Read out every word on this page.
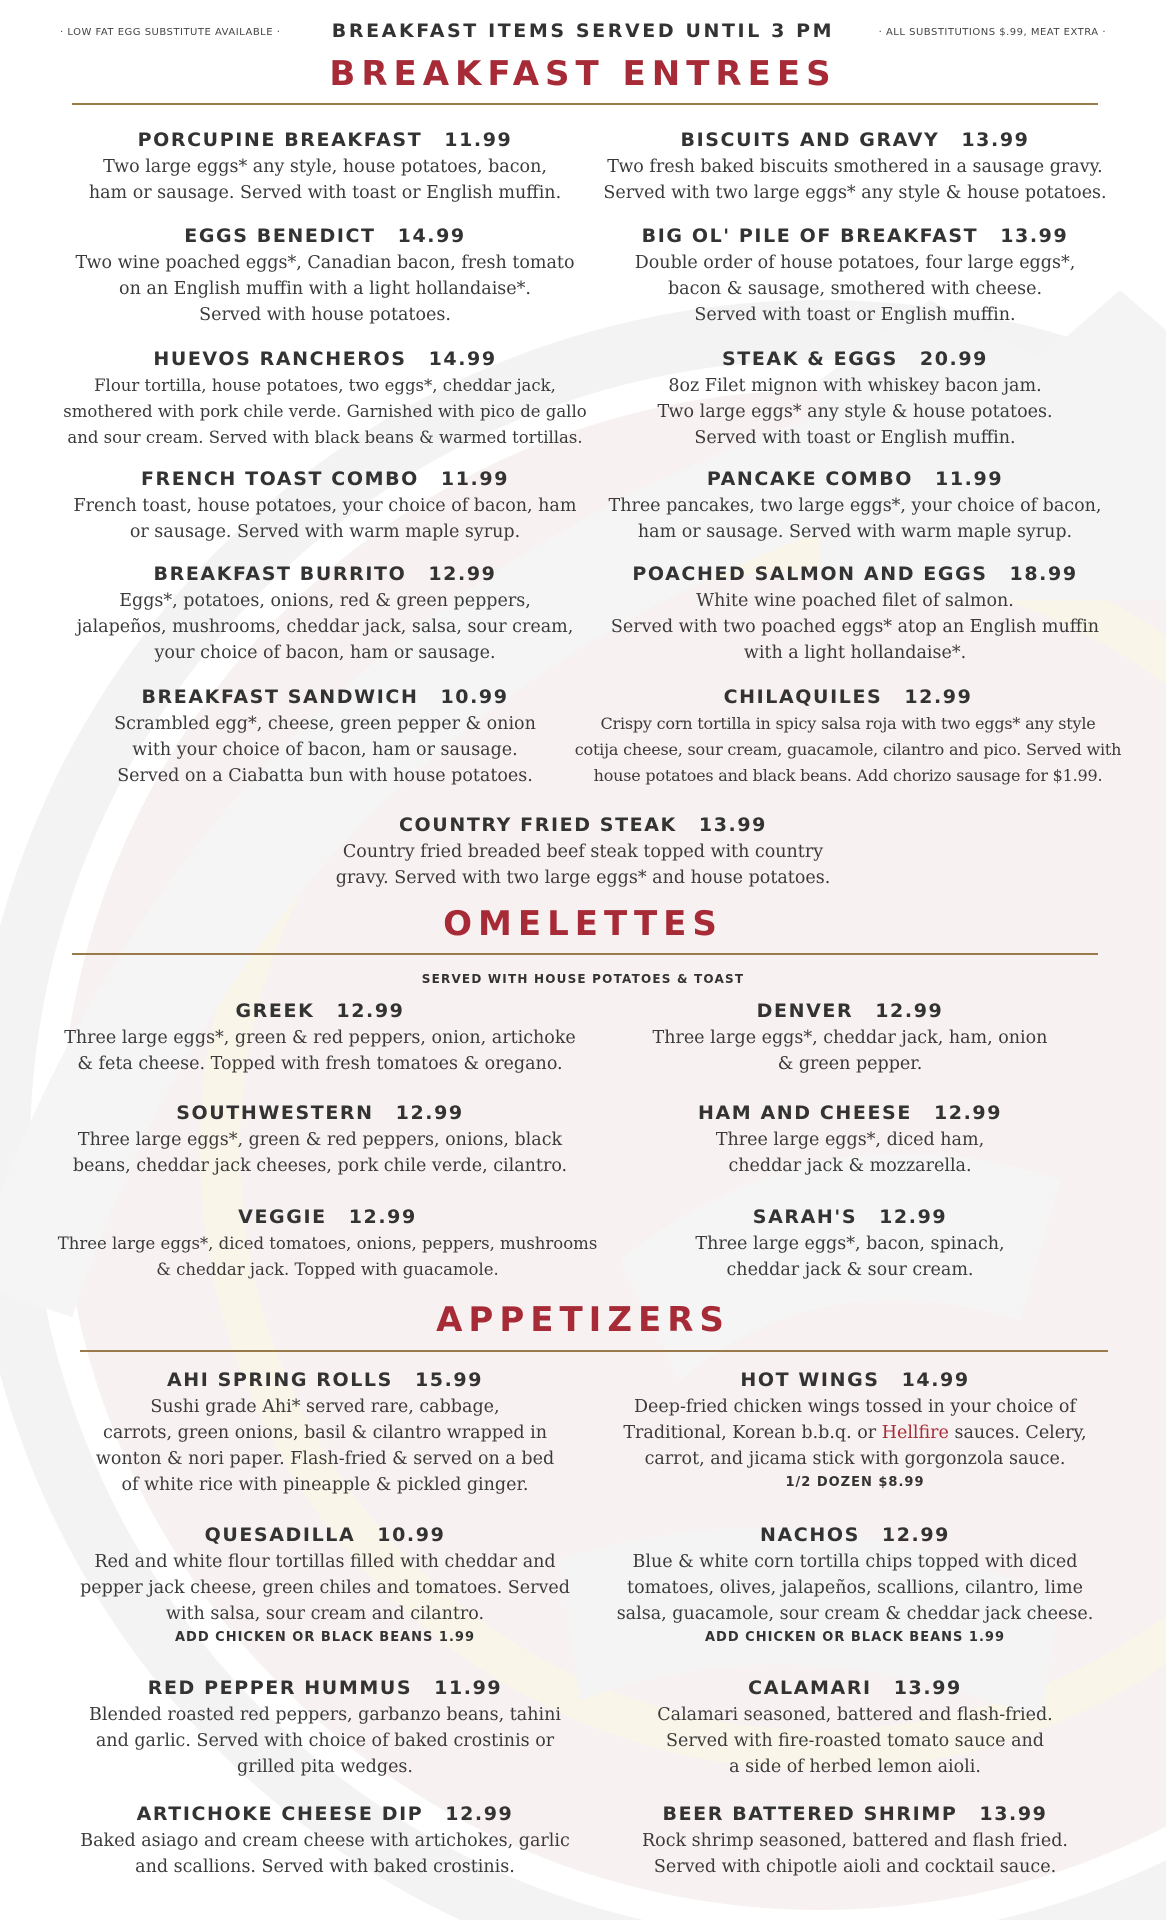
· LOW FAT EGG SUBSTITUTE AVAILABLE ·	BREAKFAST ITEMS SERVED UNTIL 3 PM	· ALL SUBSTITUTIONS $.99, MEAT EXTRA ·
BREAKFAST ENTREES
PORCUPINE BREAKFAST 11.99
Two large eggs* any style, house potatoes, bacon,
ham or sausage. Served with toast or English muffin.
EGGS BENEDICT 14.99
Two wine poached eggs*, Canadian bacon, fresh tomato
on an English muffin with a light hollandaise*.
Served with house potatoes.
HUEVOS RANCHEROS 14.99
Flour tortilla, house potatoes, two eggs*, cheddar jack,
smothered with pork chile verde. Garnished with pico de gallo
and sour cream. Served with black beans & warmed tortillas.
FRENCH TOAST COMBO 11.99
French toast, house potatoes, your choice of bacon, ham
or sausage. Served with warm maple syrup.
BREAKFAST BURRITO 12.99
Eggs*, potatoes, onions, red & green peppers,
jalapeños, mushrooms, cheddar jack, salsa, sour cream,
your choice of bacon, ham or sausage.
BREAKFAST SANDWICH 10.99
Scrambled egg*, cheese, green pepper & onion
with your choice of bacon, ham or sausage.
Served on a Ciabatta bun with house potatoes.
BISCUITS AND GRAVY 13.99
Two fresh baked biscuits smothered in a sausage gravy.
Served with two large eggs* any style & house potatoes.
BIG OL' PILE OF BREAKFAST 13.99
Double order of house potatoes, four large eggs*,
bacon & sausage, smothered with cheese.
Served with toast or English muffin.
STEAK & EGGS 20.99
8oz Filet mignon with whiskey bacon jam.
Two large eggs* any style & house potatoes.
Served with toast or English muffin.
PANCAKE COMBO 11.99
Three pancakes, two large eggs*, your choice of bacon,
ham or sausage. Served with warm maple syrup.
POACHED SALMON AND EGGS 18.99
White wine poached filet of salmon.
Served with two poached eggs* atop an English muffin
with a light hollandaise*.
CHILAQUILES 12.99
Crispy corn tortilla in spicy salsa roja with two eggs* any style
cotija cheese, sour cream, guacamole, cilantro and pico. Served with
house potatoes and black beans. Add chorizo sausage for $1.99.
COUNTRY FRIED STEAK 13.99
Country fried breaded beef steak topped with country
gravy. Served with two large eggs* and house potatoes.
OMELETTES
SERVED WITH HOUSE POTATOES & TOAST
GREEK 12.99
Three large eggs*, green & red peppers, onion, artichoke
& feta cheese. Topped with fresh tomatoes & oregano.
SOUTHWESTERN 12.99
Three large eggs*, green & red peppers, onions, black
beans, cheddar jack cheeses, pork chile verde, cilantro.
VEGGIE 12.99
Three large eggs*, diced tomatoes, onions, peppers, mushrooms
& cheddar jack. Topped with guacamole.
DENVER 12.99
Three large eggs*, cheddar jack, ham, onion
& green pepper.
HAM AND CHEESE 12.99
Three large eggs*, diced ham,
cheddar jack & mozzarella.
SARAH'S 12.99
Three large eggs*, bacon, spinach,
cheddar jack & sour cream.
APPETIZERS
AHI SPRING ROLLS 15.99
Sushi grade Ahi* served rare, cabbage,
carrots, green onions, basil & cilantro wrapped in
wonton & nori paper. Flash-fried & served on a bed
of white rice with pineapple & pickled ginger.
QUESADILLA 10.99
Red and white flour tortillas filled with cheddar and
pepper jack cheese, green chiles and tomatoes. Served
with salsa, sour cream and cilantro.
ADD CHICKEN OR BLACK BEANS 1.99
RED PEPPER HUMMUS 11.99
Blended roasted red peppers, garbanzo beans, tahini
and garlic. Served with choice of baked crostinis or
grilled pita wedges.
ARTICHOKE CHEESE DIP 12.99
Baked asiago and cream cheese with artichokes, garlic
and scallions. Served with baked crostinis.
HOT WINGS 14.99
Deep-fried chicken wings tossed in your choice of
Traditional, Korean b.b.q. or Hellfire sauces. Celery,
carrot, and jicama stick with gorgonzola sauce.
1/2 DOZEN $8.99
NACHOS 12.99
Blue & white corn tortilla chips topped with diced
tomatoes, olives, jalapeños, scallions, cilantro, lime
salsa, guacamole, sour cream & cheddar jack cheese.
ADD CHICKEN OR BLACK BEANS 1.99
CALAMARI 13.99
Calamari seasoned, battered and flash-fried.
Served with fire-roasted tomato sauce and
a side of herbed lemon aioli.
BEER BATTERED SHRIMP 13.99
Rock shrimp seasoned, battered and flash fried.
Served with chipotle aioli and cocktail sauce.
